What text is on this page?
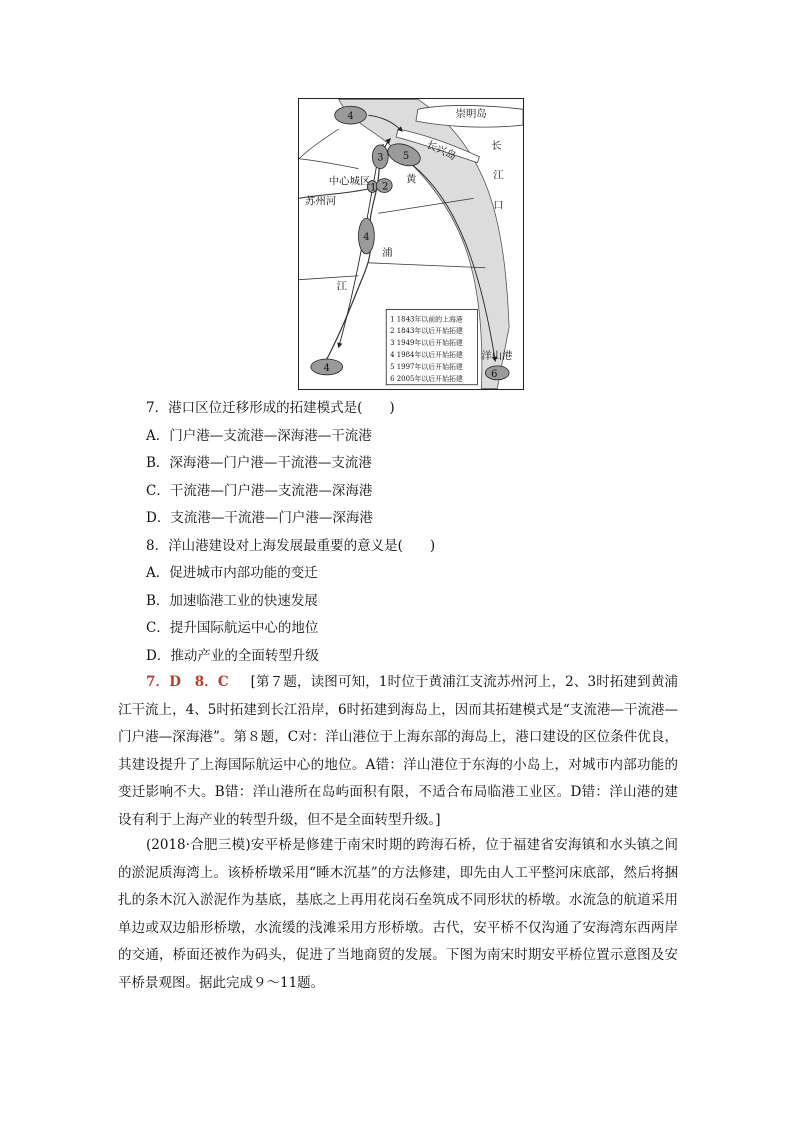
4
3 5
1 2
4
4
6
崇明岛
长兴岛	长
江
口
中心城区
苏州河
黄
浦
江
洋山港
1 1843年以前的上海港
2 1843年以后开始拓建
3 1949年以后开始拓建
4 1984年以后开始拓建
5 1997年以后开始拓建
6 2005年以后开始拓建
7．港口区位迁移形成的拓建模式是(　　)
A．门户港—支流港—深海港—干流港
B．深海港—门户港—干流港—支流港
C．干流港—门户港—支流港—深海港
D．支流港—干流港—门户港—深海港
8．洋山港建设对上海发展最重要的意义是(　　)
A．促进城市内部功能的变迁
B．加速临港工业的快速发展
C．提升国际航运中心的地位
D．推动产业的全面转型升级
7．D　8．C [第７题，读图可知，1时位于黄浦江支流苏州河上，2、3时拓建到黄浦江干流上，4、5时拓建到长江沿岸，6时拓建到海岛上，因而其拓建模式是“支流港—干流港—门户港—深海港”。第８题，C对：洋山港位于上海东部的海岛上，港口建设的区位条件优良，其建设提升了上海国际航运中心的地位。A错：洋山港位于东海的小岛上，对城市内部功能的变迁影响不大。B错：洋山港所在岛屿面积有限，不适合布局临港工业区。D错：洋山港的建设有利于上海产业的转型升级，但不是全面转型升级。]
(2018·合肥三模)安平桥是修建于南宋时期的跨海石桥，位于福建省安海镇和水头镇之间的淤泥质海湾上。该桥桥墩采用“睡木沉基”的方法修建，即先由人工平整河床底部，然后将捆扎的条木沉入淤泥作为基底，基底之上再用花岗石垒筑成不同形状的桥墩。水流急的航道采用单边或双边船形桥墩，水流缓的浅滩采用方形桥墩。古代，安平桥不仅沟通了安海湾东西两岸的交通，桥面还被作为码头，促进了当地商贸的发展。下图为南宋时期安平桥位置示意图及安平桥景观图。据此完成９～11题。
